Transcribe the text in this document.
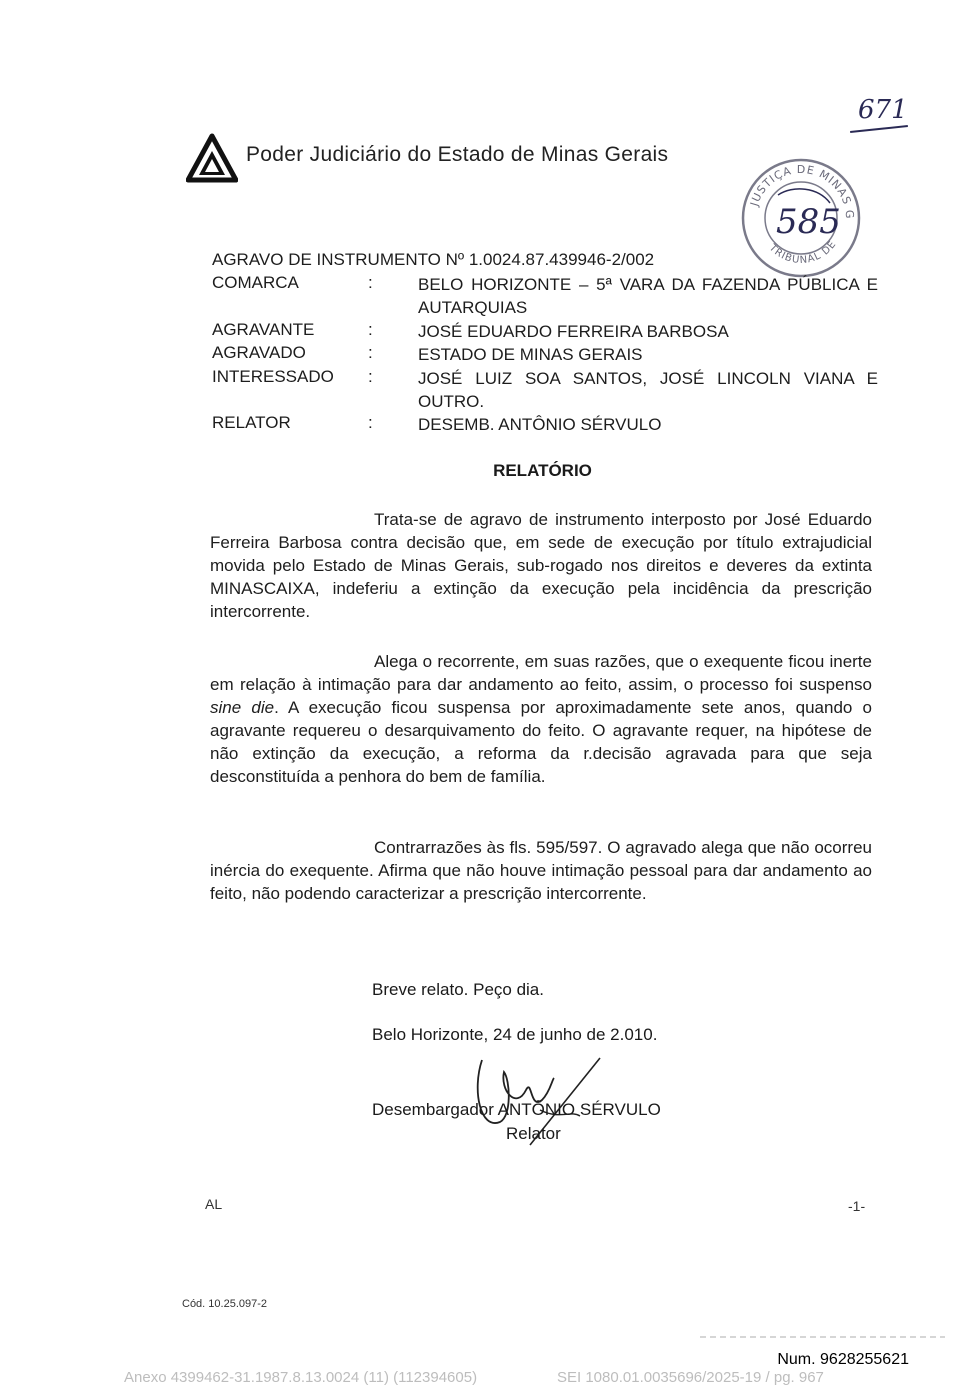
Poder Judiciário do Estado de Minas Gerais
671
JUSTIÇA DE MINAS G
TRIBUNAL DE
585
AGRAVO DE INSTRUMENTO Nº 1.0024.87.439946-2/002
COMARCA	:	BELO HORIZONTE – 5ª VARA DA FAZENDA PÚBLICA E AUTARQUIAS
AGRAVANTE	:	JOSÉ EDUARDO FERREIRA BARBOSA
AGRAVADO	:	ESTADO DE MINAS GERAIS
INTERESSADO :	JOSÉ LUIZ SOA SANTOS, JOSÉ LINCOLN VIANA E OUTRO.
RELATOR	:	DESEMB. ANTÔNIO SÉRVULO
RELATÓRIO
Trata-se de agravo de instrumento interposto por José Eduardo Ferreira Barbosa contra decisão que, em sede de execução por título extrajudicial movida pelo Estado de Minas Gerais, sub-rogado nos direitos e deveres da extinta MINASCAIXA, indeferiu a extinção da execução pela incidência da prescrição intercorrente.
Alega o recorrente, em suas razões, que o exequente ficou inerte em relação à intimação para dar andamento ao feito, assim, o processo foi suspenso sine die. A execução ficou suspensa por aproximadamente sete anos, quando o agravante requereu o desarquivamento do feito. O agravante requer, na hipótese de não extinção da execução, a reforma da r.decisão agravada para que seja desconstituída a penhora do bem de família.
Contrarrazões às fls. 595/597. O agravado alega que não ocorreu inércia do exequente. Afirma que não houve intimação pessoal para dar andamento ao feito, não podendo caracterizar a prescrição intercorrente.
Breve relato. Peço dia.
Belo Horizonte, 24 de junho de 2.010.
Desembargador ANTÔNIO SÉRVULO
Relator
AL	-1-
Cód. 10.25.097-2
Num. 9628255621
Anexo 4399462-31.1987.8.13.0024 (11) (112394605)	SEI 1080.01.0035696/2025-19 / pg. 967
